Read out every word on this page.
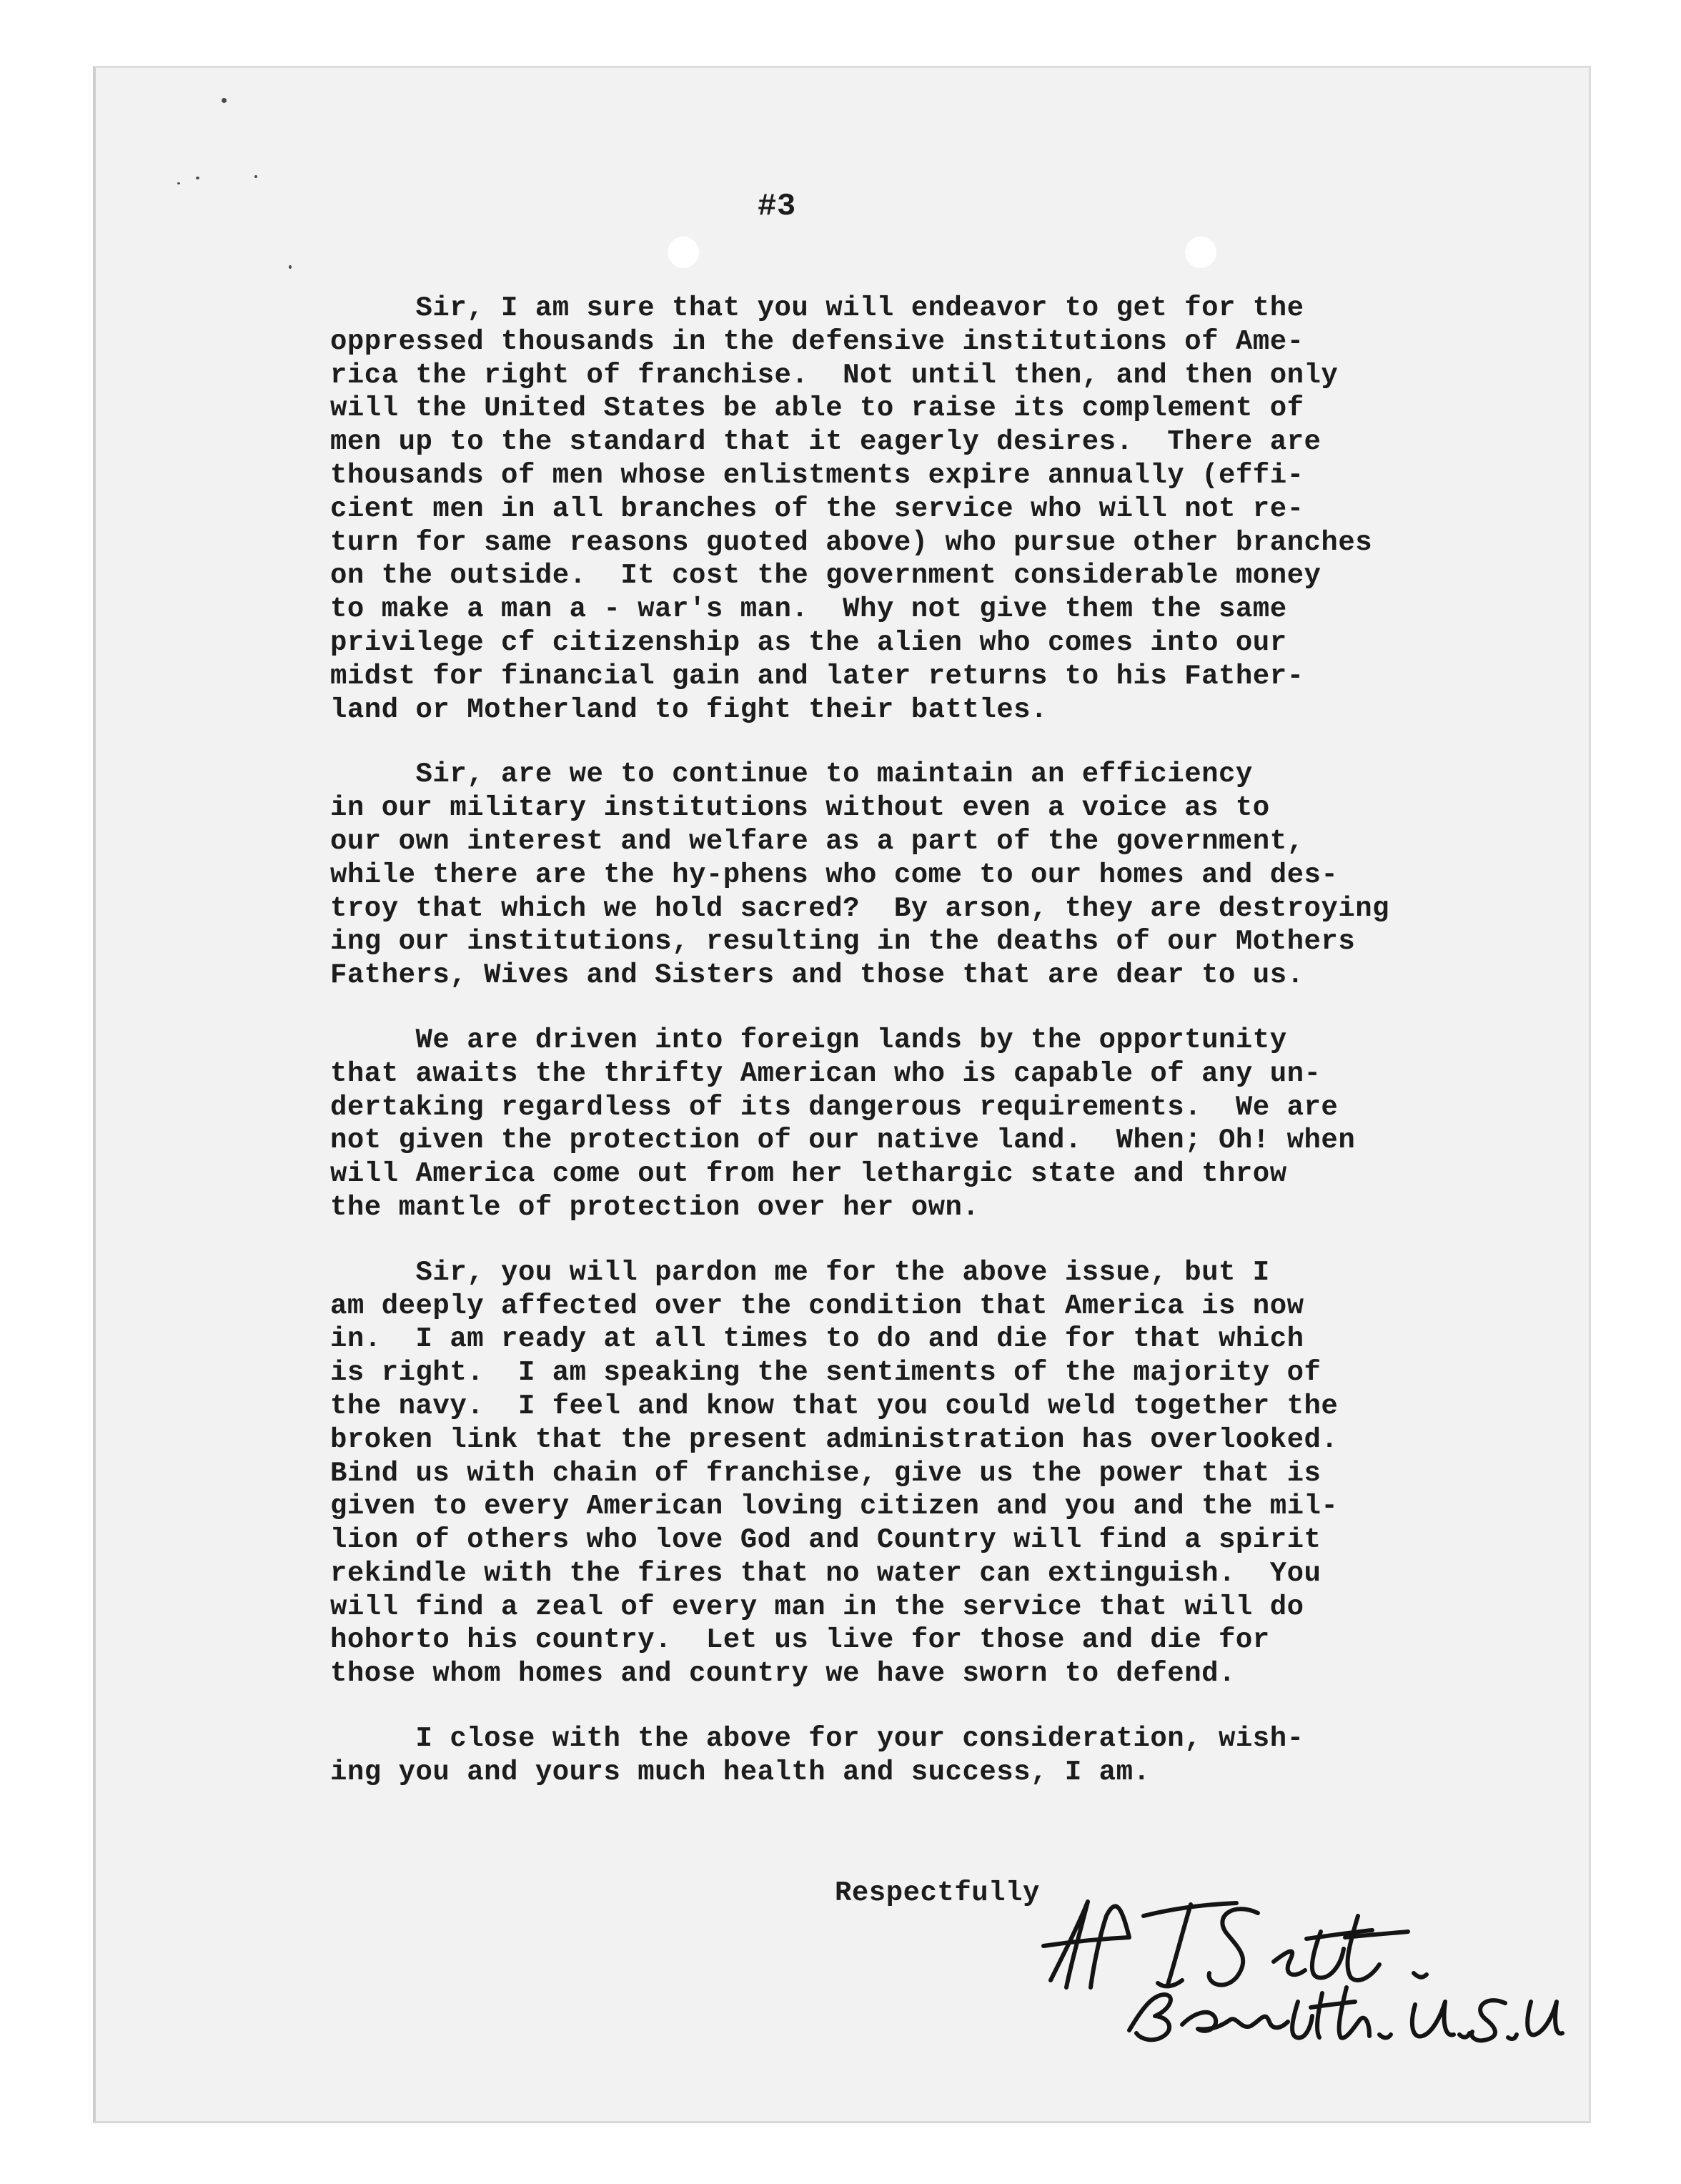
#3
Sir, I am sure that you will endeavor to get for the
oppressed thousands in the defensive institutions of Ame-
rica the right of franchise.  Not until then, and then only
will the United States be able to raise its complement of
men up to the standard that it eagerly desires.  There are
thousands of men whose enlistments expire annually (effi-
cient men in all branches of the service who will not re-
turn for same reasons guoted above) who pursue other branches
on the outside.  It cost the government considerable money
to make a man a - war's man.  Why not give them the same
privilege cf citizenship as the alien who comes into our
midst for financial gain and later returns to his Father-
land or Motherland to fight their battles.
Sir, are we to continue to maintain an efficiency
in our military institutions without even a voice as to
our own interest and welfare as a part of the government,
while there are the hy-phens who come to our homes and des-
troy that which we hold sacred?  By arson, they are destroying
ing our institutions, resulting in the deaths of our Mothers
Fathers, Wives and Sisters and those that are dear to us.
We are driven into foreign lands by the opportunity
that awaits the thrifty American who is capable of any un-
dertaking regardless of its dangerous requirements.  We are
not given the protection of our native land.  When; Oh! when
will America come out from her lethargic state and throw
the mantle of protection over her own.
Sir, you will pardon me for the above issue, but I
am deeply affected over the condition that America is now
in.  I am ready at all times to do and die for that which
is right.  I am speaking the sentiments of the majority of
the navy.  I feel and know that you could weld together the
broken link that the present administration has overlooked.
Bind us with chain of franchise, give us the power that is
given to every American loving citizen and you and the mil-
lion of others who love God and Country will find a spirit
rekindle with the fires that no water can extinguish.  You
will find a zeal of every man in the service that will do
hohorto his country.  Let us live for those and die for
those whom homes and country we have sworn to defend.
I close with the above for your consideration, wish-
ing you and yours much health and success, I am.
Respectfully
